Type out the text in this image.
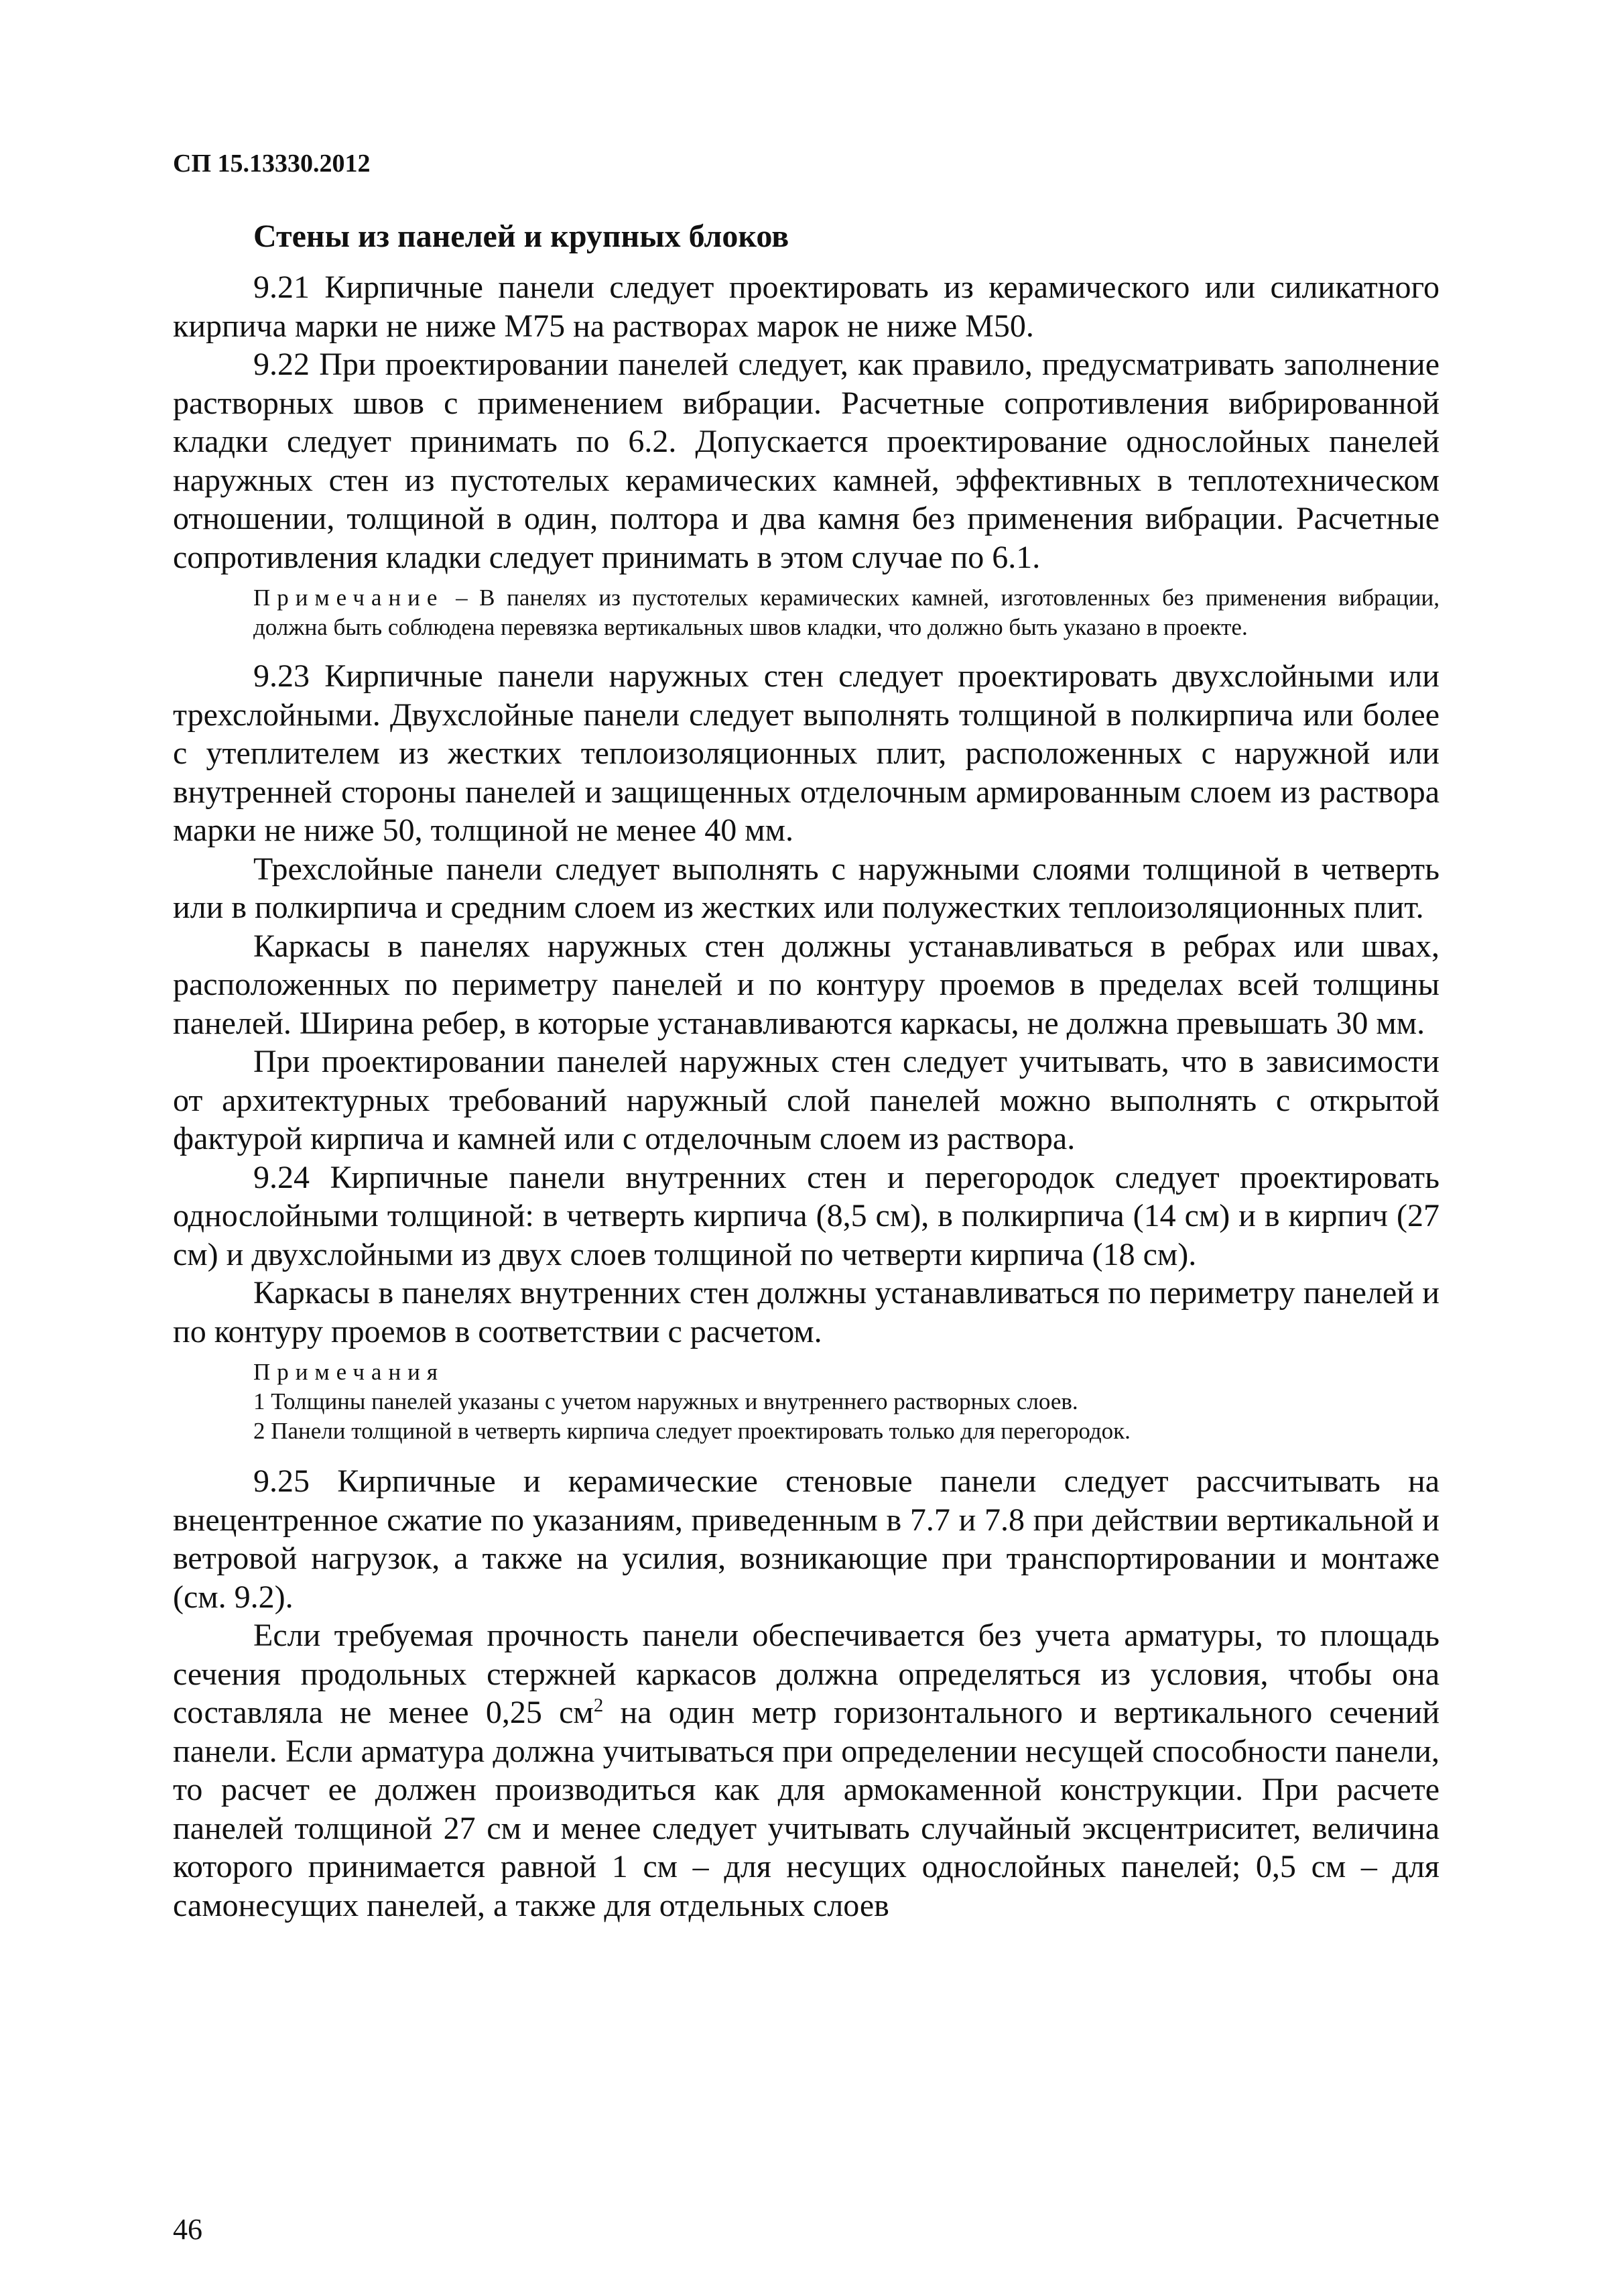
СП 15.13330.2012
Стены из панелей и крупных блоков

9.21 Кирпичные панели следует проектировать из керамического или силикатного кирпича марки не ниже М75 на растворах марок не ниже М50.

9.22 При проектировании панелей следует, как правило, предусматривать заполнение растворных швов с применением вибрации. Расчетные сопротивления вибрированной кладки следует принимать по 6.2. Допускается проектирование однослойных панелей наружных стен из пустотелых керамических камней, эффективных в теплотехническом отношении, толщиной в один, полтора и два камня без применения вибрации. Расчетные сопротивления кладки следует принимать в этом случае по 6.1.

Примечание – В панелях из пустотелых керамических камней, изготовленных без применения вибрации, должна быть соблюдена перевязка вертикальных швов кладки, что должно быть указано в проекте.

9.23 Кирпичные панели наружных стен следует проектировать двухслойными или трехслойными. Двухслойные панели следует выполнять толщиной в полкирпича или более с утеплителем из жестких теплоизоляционных плит, расположенных с наружной или внутренней стороны панелей и защищенных отделочным армированным слоем из раствора марки не ниже 50, толщиной не менее 40 мм.

Трехслойные панели следует выполнять с наружными слоями толщиной в четверть или в полкирпича и средним слоем из жестких или полужестких теплоизоляционных плит.

Каркасы в панелях наружных стен должны устанавливаться в ребрах или швах, расположенных по периметру панелей и по контуру проемов в пределах всей толщины панелей. Ширина ребер, в которые устанавливаются каркасы, не должна превышать 30 мм.

При проектировании панелей наружных стен следует учитывать, что в зависимости от архитектурных требований наружный слой панелей можно выполнять с открытой фактурой кирпича и камней или с отделочным слоем из раствора.

9.24 Кирпичные панели внутренних стен и перегородок следует проектировать однослойными толщиной: в четверть кирпича (8,5 см), в полкирпича (14 см) и в кирпич (27 см) и двухслойными из двух слоев толщиной по четверти кирпича (18 см).

Каркасы в панелях внутренних стен должны устанавливаться по периметру панелей и по контуру проемов в соответствии с расчетом.

Примечания
1 Толщины панелей указаны с учетом наружных и внутреннего растворных слоев.
2 Панели толщиной в четверть кирпича следует проектировать только для перегородок.

9.25 Кирпичные и керамические стеновые панели следует рассчитывать на внецентренное сжатие по указаниям, приведенным в 7.7 и 7.8 при действии вертикальной и ветровой нагрузок, а также на усилия, возникающие при транспортировании и монтаже (см. 9.2).

Если требуемая прочность панели обеспечивается без учета арматуры, то площадь сечения продольных стержней каркасов должна определяться из условия, чтобы она составляла не менее 0,25 $см^2$ на один метр горизонтального и вертикального сечений панели. Если арматура должна учитываться при определении несущей способности панели, то расчет ее должен производиться как для армокаменной конструкции. При расчете панелей толщиной 27 см и менее следует учитывать случайный эксцентриситет, величина которого принимается равной 1 см – для несущих однослойных панелей; 0,5 см – для самонесущих панелей, а также для отдельных слоев

46
